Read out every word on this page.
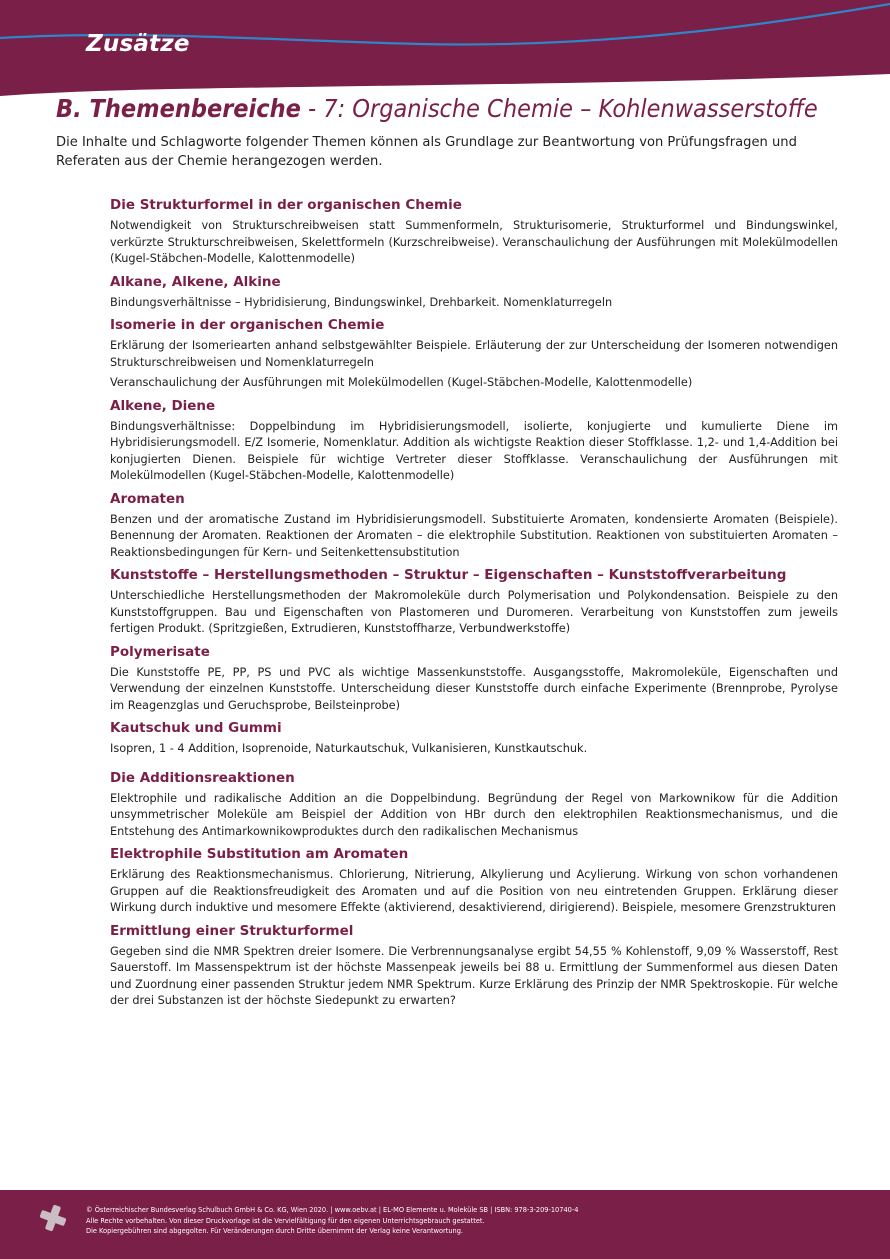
Zusätze
B. Themenbereiche - 7: Organische Chemie – Kohlenwasserstoffe
Die Inhalte und Schlagworte folgender Themen können als Grundlage zur Beantwortung von Prüfungsfragen und Referaten aus der Chemie herangezogen werden.
Die Strukturformel in der organischen Chemie

Notwendigkeit von Strukturschreibweisen statt Summenformeln, Strukturisomerie, Strukturformel und Bindungswinkel, verkürzte Strukturschreibweisen, Skelettformeln (Kurzschreibweise). Veranschaulichung der Ausführungen mit Molekülmodellen (Kugel-Stäbchen-Modelle, Kalottenmodelle)

Alkane, Alkene, Alkine

Bindungsverhältnisse – Hybridisierung, Bindungswinkel, Drehbarkeit. Nomenklaturregeln

Isomerie in der organischen Chemie

Erklärung der Isomeriearten anhand selbstgewählter Beispiele. Erläuterung der zur Unterscheidung der Isomeren notwendigen Strukturschreibweisen und Nomenklaturregeln

Veranschaulichung der Ausführungen mit Molekülmodellen (Kugel-Stäbchen-Modelle, Kalottenmodelle)

Alkene, Diene

Bindungsverhältnisse: Doppelbindung im Hybridisierungsmodell, isolierte, konjugierte und kumulierte Diene im Hybridisierungsmodell. E/Z Isomerie, Nomenklatur. Addition als wichtigste Reaktion dieser Stoffklasse. 1,2- und 1,4-Addition bei konjugierten Dienen. Beispiele für wichtige Vertreter dieser Stoffklasse. Veranschaulichung der Ausführungen mit Molekülmodellen (Kugel-Stäbchen-Modelle, Kalottenmodelle)

Aromaten

Benzen und der aromatische Zustand im Hybridisierungsmodell. Substituierte Aromaten, kondensierte Aromaten (Beispiele). Benennung der Aromaten. Reaktionen der Aromaten – die elektrophile Substitution. Reaktionen von substituierten Aromaten – Reaktionsbedingungen für Kern- und Seitenkettensubstitution

Kunststoffe – Herstellungsmethoden – Struktur – Eigenschaften – Kunststoffverarbeitung

Unterschiedliche Herstellungsmethoden der Makromoleküle durch Polymerisation und Polykondensation. Beispiele zu den Kunststoffgruppen. Bau und Eigenschaften von Plastomeren und Duromeren. Verarbeitung von Kunststoffen zum jeweils fertigen Produkt. (Spritzgießen, Extrudieren, Kunststoffharze, Verbundwerkstoffe)

Polymerisate

Die Kunststoffe PE, PP, PS und PVC als wichtige Massenkunststoffe. Ausgangsstoffe, Makromoleküle, Eigenschaften und Verwendung der einzelnen Kunststoffe. Unterscheidung dieser Kunststoffe durch einfache Experimente (Brennprobe, Pyrolyse im Reagenzglas und Geruchsprobe, Beilsteinprobe)

Kautschuk und Gummi

Isopren, 1 - 4 Addition, Isoprenoide, Naturkautschuk, Vulkanisieren, Kunstkautschuk.

Die Additionsreaktionen

Elektrophile und radikalische Addition an die Doppelbindung. Begründung der Regel von Markownikow für die Addition unsymmetrischer Moleküle am Beispiel der Addition von HBr durch den elektrophilen Reaktionsmechanismus, und die Entstehung des Antimarkownikowproduktes durch den radikalischen Mechanismus

Elektrophile Substitution am Aromaten

Erklärung des Reaktionsmechanismus. Chlorierung, Nitrierung, Alkylierung und Acylierung. Wirkung von schon vorhandenen Gruppen auf die Reaktionsfreudigkeit des Aromaten und auf die Position von neu eintretenden Gruppen. Erklärung dieser Wirkung durch induktive und mesomere Effekte (aktivierend, desaktivierend, dirigierend). Beispiele, mesomere Grenzstrukturen

Ermittlung einer Strukturformel

Gegeben sind die NMR Spektren dreier Isomere. Die Verbrennungsanalyse ergibt 54,55 % Kohlenstoff, 9,09 % Wasserstoff, Rest Sauerstoff. Im Massenspektrum ist der höchste Massenpeak jeweils bei 88 u. Ermittlung der Summenformel aus diesen Daten und Zuordnung einer passenden Struktur jedem NMR Spektrum. Kurze Erklärung des Prinzip der NMR Spektroskopie. Für welche der drei Substanzen ist der höchste Siedepunkt zu erwarten?

© Österreichischer Bundesverlag Schulbuch GmbH & Co. KG, Wien 2020. | www.oebv.at | EL-MO Elemente u. Moleküle SB | ISBN: 978-3-209-10740-4
Alle Rechte vorbehalten. Von dieser Druckvorlage ist die Vervielfältigung für den eigenen Unterrichtsgebrauch gestattet.
Die Kopiergebühren sind abgegolten. Für Veränderungen durch Dritte übernimmt der Verlag keine Verantwortung.
